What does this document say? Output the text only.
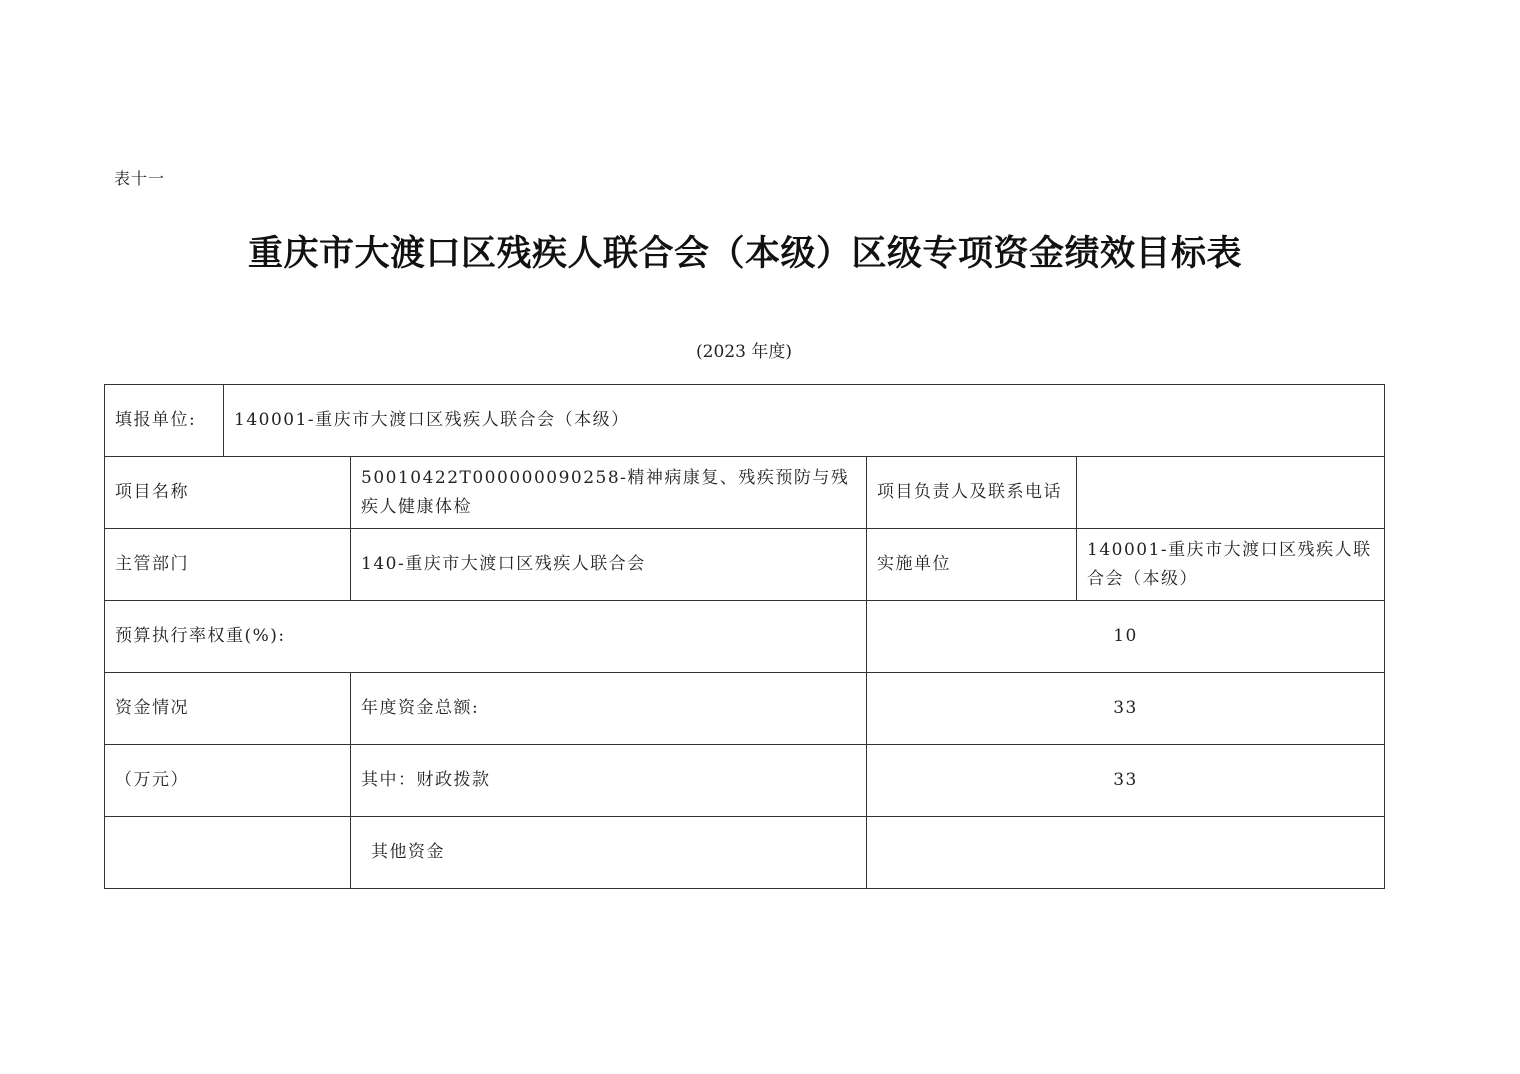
表十一
重庆市大渡口区残疾人联合会（本级）区级专项资金绩效目标表
(2023 年度)
填报单位:	140001-重庆市大渡口区残疾人联合会（本级）			
项目名称		50010422T000000090258-精神病康复、残疾预防与残疾人健康体检	项目负责人及联系电话	
主管部门		140-重庆市大渡口区残疾人联合会	实施单位	140001-重庆市大渡口区残疾人联合会（本级）
预算执行率权重(%):			10	
资金情况		年度资金总额:	33	
（万元）		其中：财政拨款	33	
		其他资金		
